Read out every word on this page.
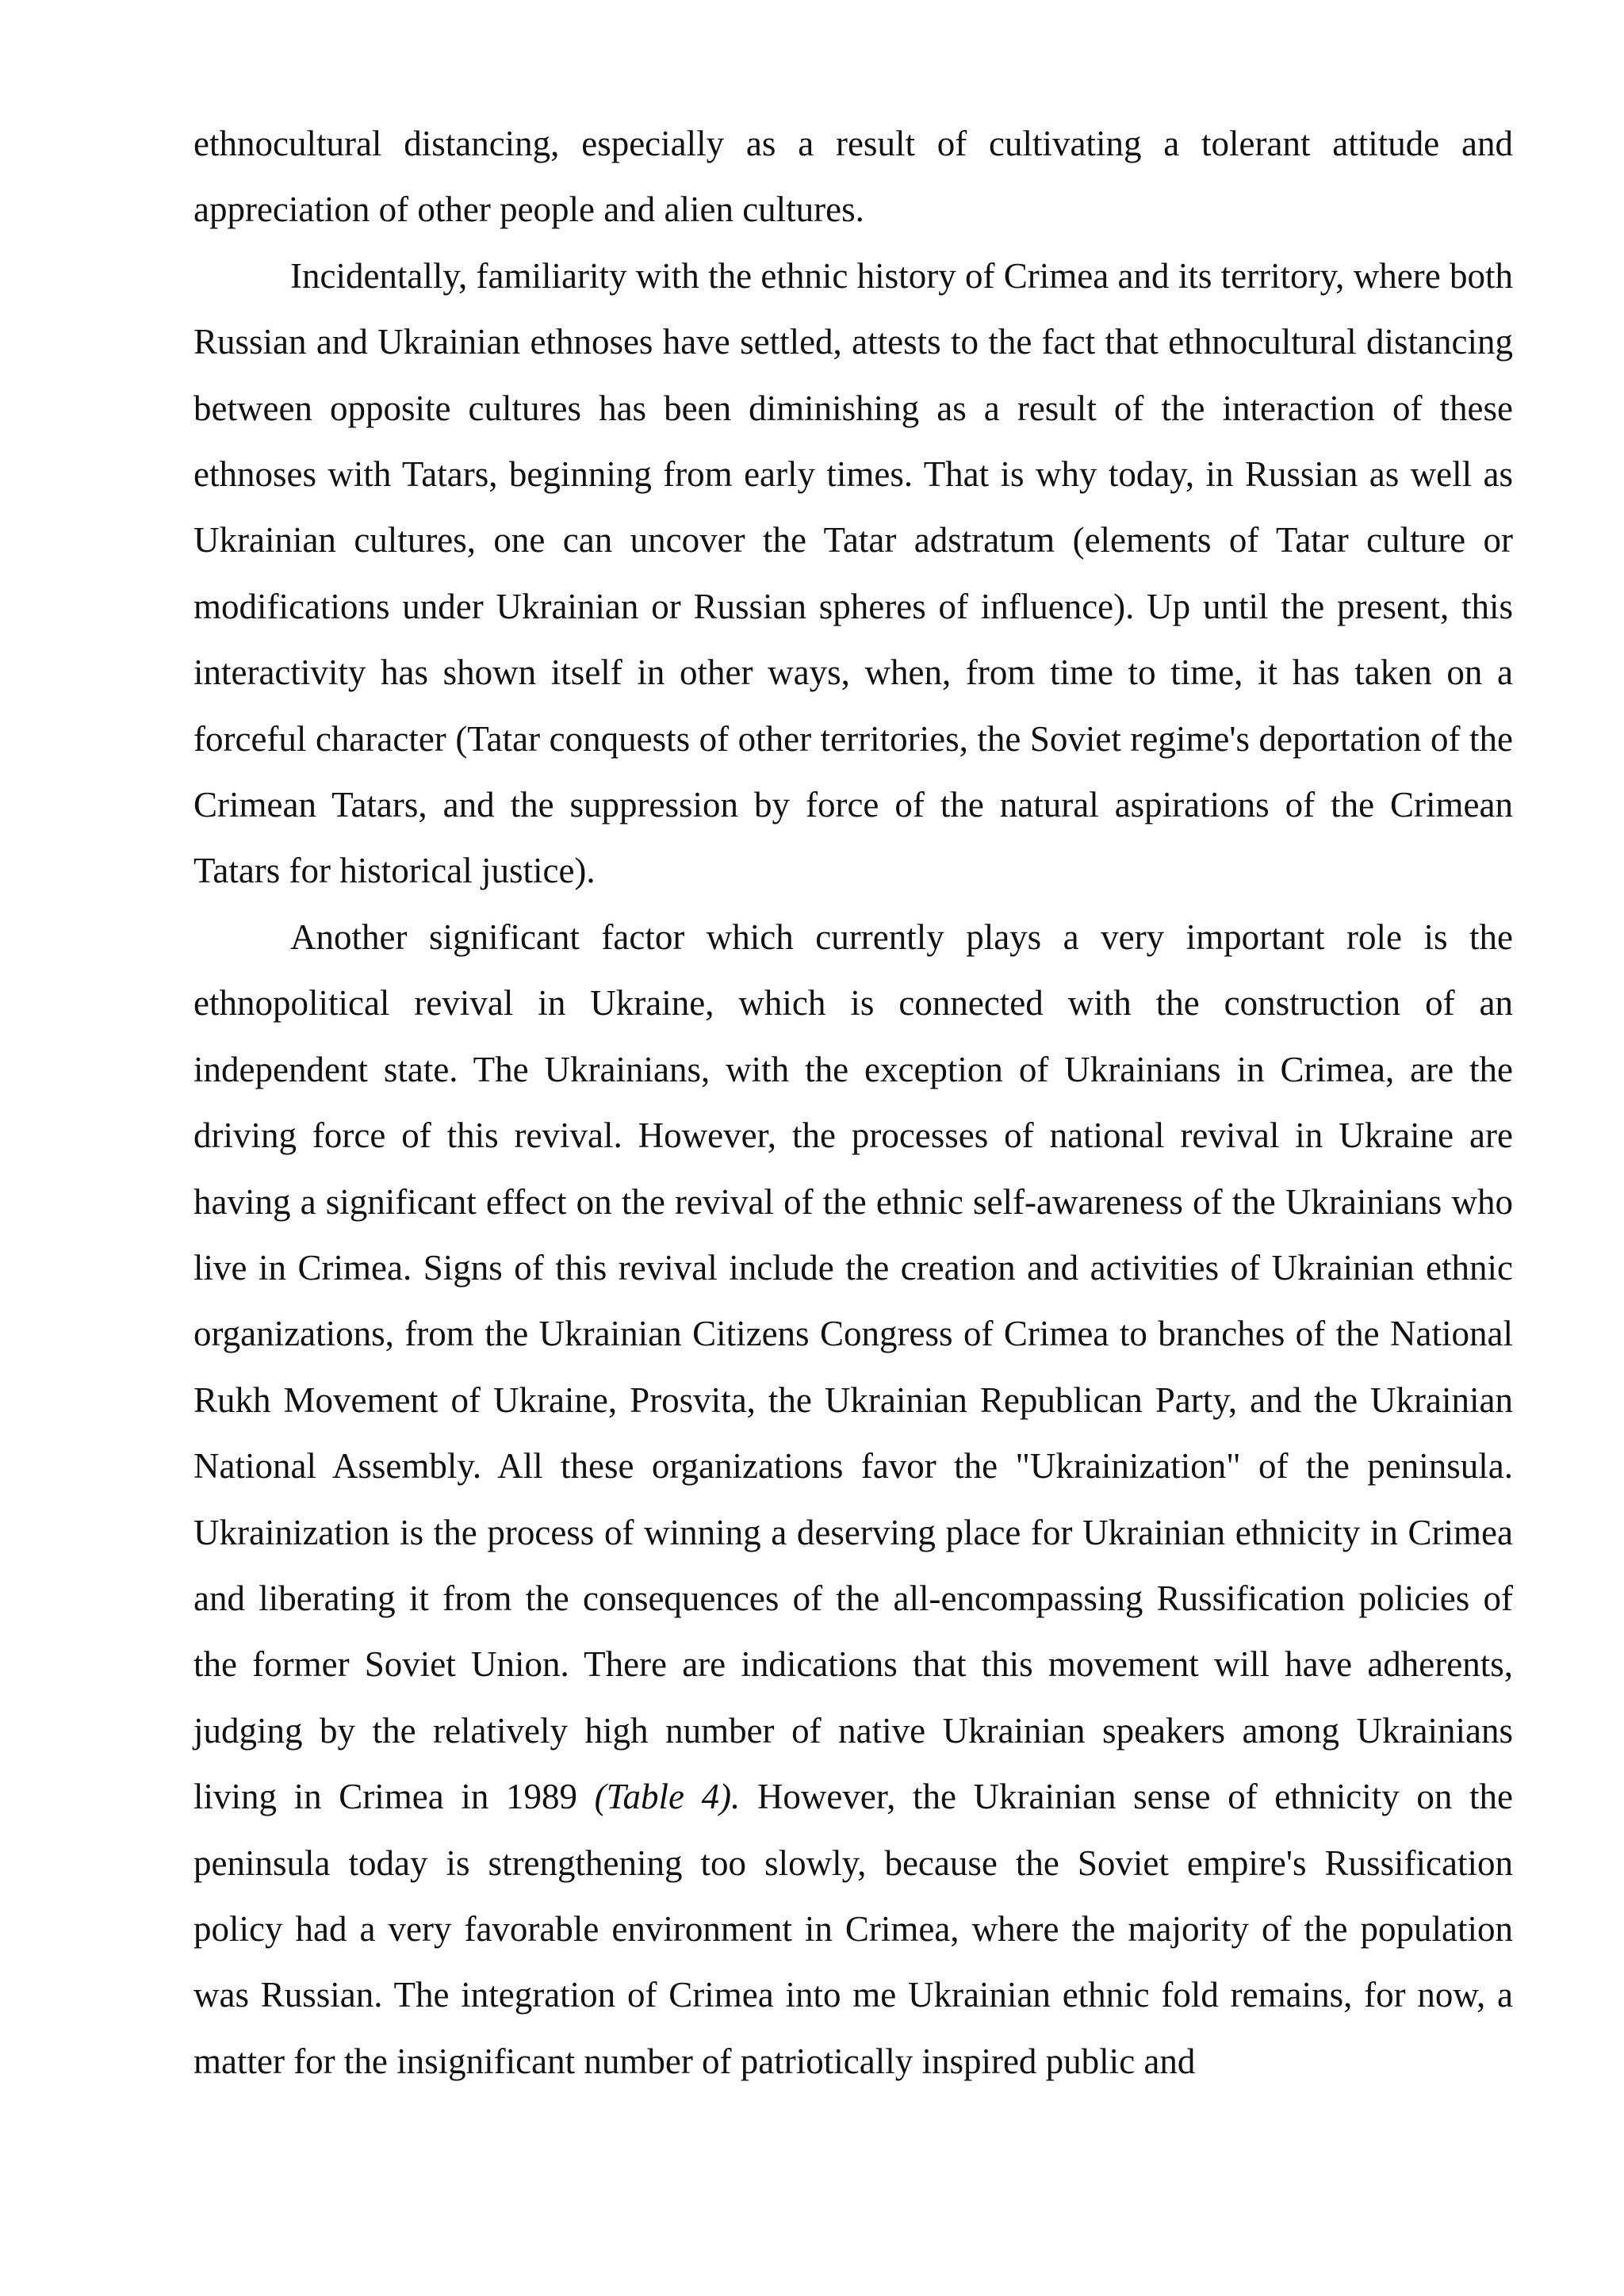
ethnocultural distancing, especially as a result of cultivating a tolerant attitude and appreciation of other people and alien cultures.

Incidentally, familiarity with the ethnic history of Crimea and its territory, where both Russian and Ukrainian ethnoses have settled, attests to the fact that ethnocultural distancing between opposite cultures has been diminishing as a result of the interaction of these ethnoses with Tatars, beginning from early times. That is why today, in Russian as well as Ukrainian cultures, one can uncover the Tatar adstratum (elements of Tatar culture or modifications under Ukrainian or Russian spheres of influence). Up until the present, this interactivity has shown itself in other ways, when, from time to time, it has taken on a forceful character (Tatar conquests of other territories, the Soviet regime's deportation of the Crimean Tatars, and the suppression by force of the natural aspirations of the Crimean Tatars for historical justice).

Another significant factor which currently plays a very important role is the ethnopolitical revival in Ukraine, which is connected with the construction of an independent state. The Ukrainians, with the exception of Ukrainians in Crimea, are the driving force of this revival. However, the processes of national revival in Ukraine are having a significant effect on the revival of the ethnic self-awareness of the Ukrainians who live in Crimea. Signs of this revival include the creation and activities of Ukrainian ethnic organizations, from the Ukrainian Citizens Congress of Crimea to branches of the National Rukh Movement of Ukraine, Prosvita, the Ukrainian Republican Party, and the Ukrainian National Assembly. All these organizations favor the "Ukrainization" of the peninsula. Ukrainization is the process of winning a deserving place for Ukrainian ethnicity in Crimea and liberating it from the consequences of the all-encompassing Russification policies of the former Soviet Union. There are indications that this movement will have adherents, judging by the relatively high number of native Ukrainian speakers among Ukrainians living in Crimea in 1989 (Table 4). However, the Ukrainian sense of ethnicity on the peninsula today is strengthening too slowly, because the Soviet empire's Russification policy had a very favorable environment in Crimea, where the majority of the population was Russian. The integration of Crimea into me Ukrainian ethnic fold remains, for now, a matter for the insignificant number of patriotically inspired public and
